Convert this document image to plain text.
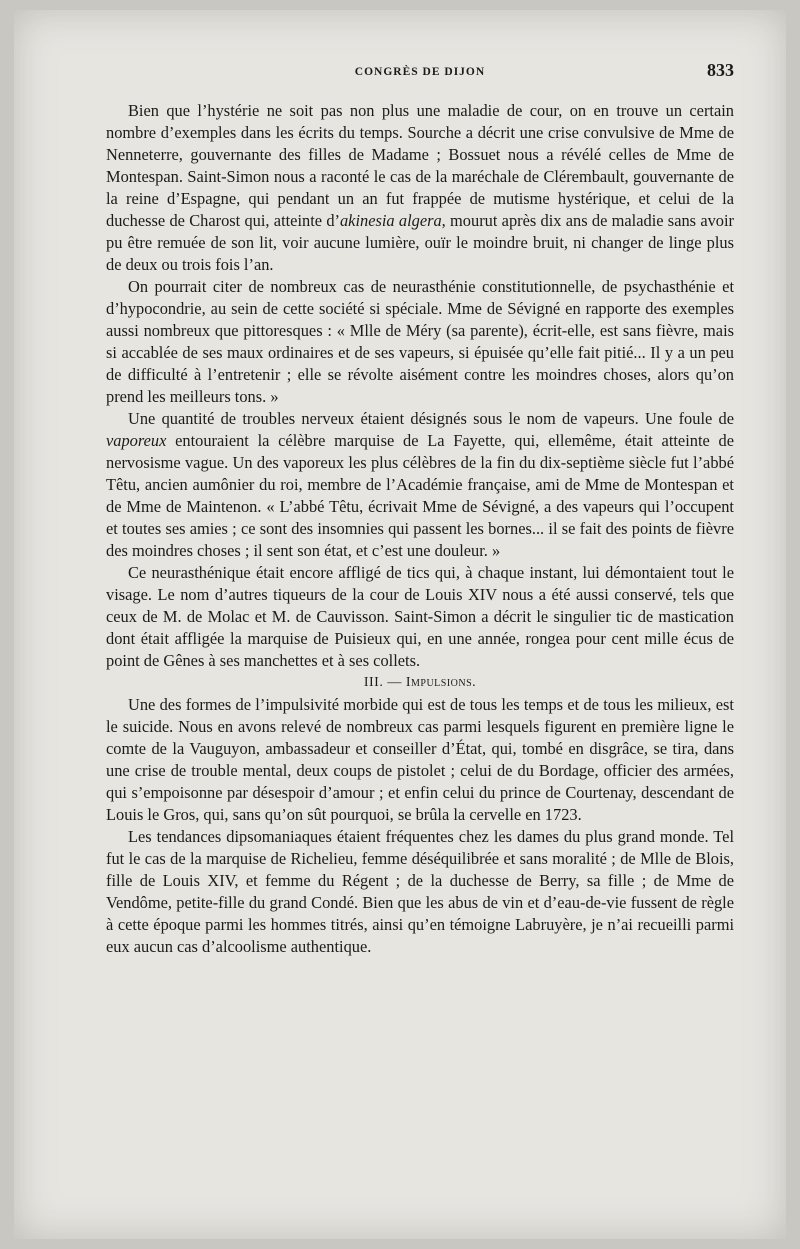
CONGRÈS DE DIJON	833

Bien que l’hystérie ne soit pas non plus une maladie de cour, on en trouve un certain nombre d’exemples dans les écrits du temps. Sourche a décrit une crise convulsive de Mme de Nenneterre, gouvernante des filles de Madame ; Bossuet nous a révélé celles de Mme de Montespan. Saint-Simon nous a raconté le cas de la maréchale de Clérembault, gouvernante de la reine d’Espagne, qui pendant un an fut frappée de mutisme hystérique, et celui de la duchesse de Charost qui, atteinte d’akinesia algera, mourut après dix ans de maladie sans avoir pu être remuée de son lit, voir aucune lumière, ouïr le moindre bruit, ni changer de linge plus de deux ou trois fois l’an.

On pourrait citer de nombreux cas de neurasthénie constitutionnelle, de psychasthénie et d’hypocondrie, au sein de cette société si spéciale. Mme de Sévigné en rapporte des exemples aussi nombreux que pittoresques : « Mlle de Méry (sa parente), écrit-elle, est sans fièvre, mais si accablée de ses maux ordinaires et de ses vapeurs, si épuisée qu’elle fait pitié... Il y a un peu de difficulté à l’entretenir ; elle se révolte aisément contre les moindres choses, alors qu’on prend les meilleurs tons. »

Une quantité de troubles nerveux étaient désignés sous le nom de vapeurs. Une foule de vaporeux entouraient la célèbre marquise de La Fayette, qui, ellemême, était atteinte de nervosisme vague. Un des vaporeux les plus célèbres de la fin du dix-septième siècle fut l’abbé Têtu, ancien aumônier du roi, membre de l’Académie française, ami de Mme de Montespan et de Mme de Maintenon. « L’abbé Têtu, écrivait Mme de Sévigné, a des vapeurs qui l’occupent et toutes ses amies ; ce sont des insomnies qui passent les bornes... il se fait des points de fièvre des moindres choses ; il sent son état, et c’est une douleur. »

Ce neurasthénique était encore affligé de tics qui, à chaque instant, lui démontaient tout le visage. Le nom d’autres tiqueurs de la cour de Louis XIV nous a été aussi conservé, tels que ceux de M. de Molac et M. de Cauvisson. Saint-Simon a décrit le singulier tic de mastication dont était affligée la marquise de Puisieux qui, en une année, rongea pour cent mille écus de point de Gênes à ses manchettes et à ses collets.

III. — Impulsions.

Une des formes de l’impulsivité morbide qui est de tous les temps et de tous les milieux, est le suicide. Nous en avons relevé de nombreux cas parmi lesquels figurent en première ligne le comte de la Vauguyon, ambassadeur et conseiller d’État, qui, tombé en disgrâce, se tira, dans une crise de trouble mental, deux coups de pistolet ; celui de du Bordage, officier des armées, qui s’empoisonne par désespoir d’amour ; et enfin celui du prince de Courtenay, descendant de Louis le Gros, qui, sans qu’on sût pourquoi, se brûla la cervelle en 1723.

Les tendances dipsomaniaques étaient fréquentes chez les dames du plus grand monde. Tel fut le cas de la marquise de Richelieu, femme déséquilibrée et sans moralité ; de Mlle de Blois, fille de Louis XIV, et femme du Régent ; de la duchesse de Berry, sa fille ; de Mme de Vendôme, petite-fille du grand Condé. Bien que les abus de vin et d’eau-de-vie fussent de règle à cette époque parmi les hommes titrés, ainsi qu’en témoigne Labruyère, je n’ai recueilli parmi eux aucun cas d’alcoolisme authentique.
